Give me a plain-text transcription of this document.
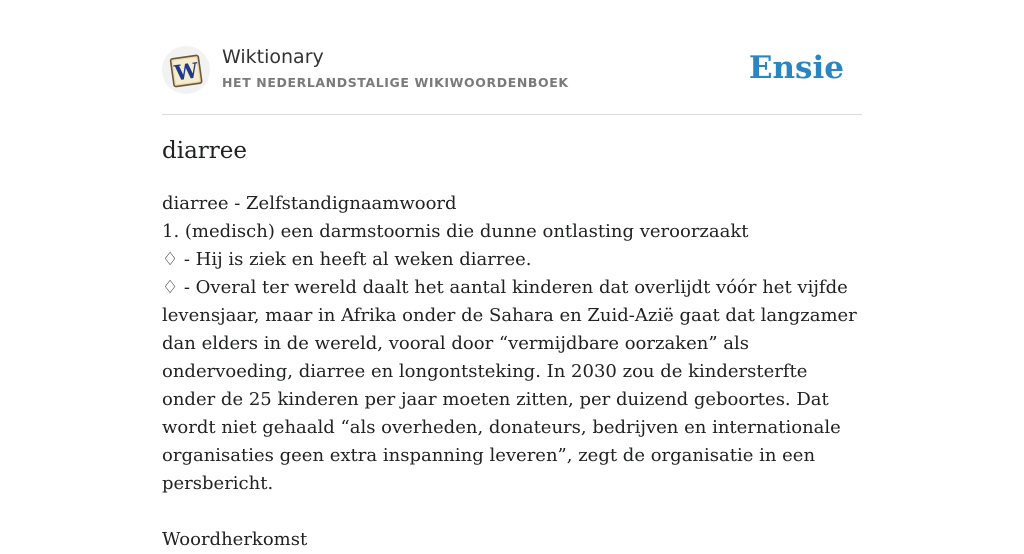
W
Wiktionary
HET NEDERLANDSTALIGE WIKIWOORDENBOEK	Ensie
diarree

diarree - Zelfstandignaamwoord

1. (medisch) een darmstoornis die dunne ontlasting veroorzaakt

♢ - Hij is ziek en heeft al weken diarree.

♢ - Overal ter wereld daalt het aantal kinderen dat overlijdt vóór het vijfde levensjaar, maar in Afrika onder de Sahara en Zuid-Azië gaat dat langzamer dan elders in de wereld, vooral door “vermijdbare oorzaken” als ondervoeding, diarree en longontsteking. In 2030 zou de kindersterfte onder de 25 kinderen per jaar moeten zitten, per duizend geboortes. Dat wordt niet gehaald “als overheden, donateurs, bedrijven en internationale organisaties geen extra inspanning leveren”, zegt de organisatie in een persbericht.

Woordherkomst
